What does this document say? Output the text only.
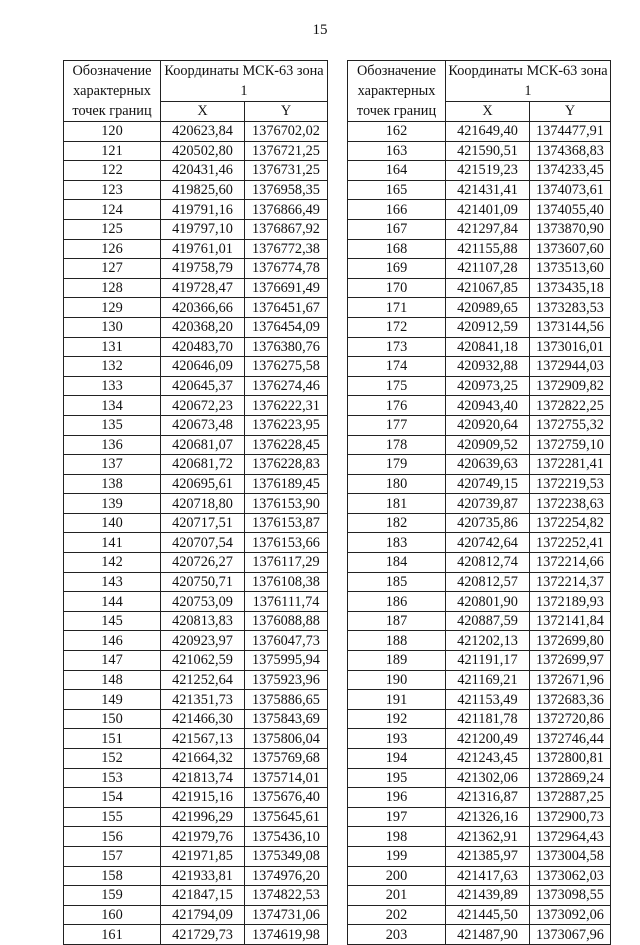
15
Обозначение характерных точек границ	Координаты МСК-63 зона 1	
	X	Y
120	420623,84	1376702,02
121	420502,80	1376721,25
122	420431,46	1376731,25
123	419825,60	1376958,35
124	419791,16	1376866,49
125	419797,10	1376867,92
126	419761,01	1376772,38
127	419758,79	1376774,78
128	419728,47	1376691,49
129	420366,66	1376451,67
130	420368,20	1376454,09
131	420483,70	1376380,76
132	420646,09	1376275,58
133	420645,37	1376274,46
134	420672,23	1376222,31
135	420673,48	1376223,95
136	420681,07	1376228,45
137	420681,72	1376228,83
138	420695,61	1376189,45
139	420718,80	1376153,90
140	420717,51	1376153,87
141	420707,54	1376153,66
142	420726,27	1376117,29
143	420750,71	1376108,38
144	420753,09	1376111,74
145	420813,83	1376088,88
146	420923,97	1376047,73
147	421062,59	1375995,94
148	421252,64	1375923,96
149	421351,73	1375886,65
150	421466,30	1375843,69
151	421567,13	1375806,04
152	421664,32	1375769,68
153	421813,74	1375714,01
154	421915,16	1375676,40
155	421996,29	1375645,61
156	421979,76	1375436,10
157	421971,85	1375349,08
158	421933,81	1374976,20
159	421847,15	1374822,53
160	421794,09	1374731,06
161	421729,73	1374619,98
Обозначение характерных точек границ	Координаты МСК-63 зона 1	
	X	Y
162	421649,40	1374477,91
163	421590,51	1374368,83
164	421519,23	1374233,45
165	421431,41	1374073,61
166	421401,09	1374055,40
167	421297,84	1373870,90
168	421155,88	1373607,60
169	421107,28	1373513,60
170	421067,85	1373435,18
171	420989,65	1373283,53
172	420912,59	1373144,56
173	420841,18	1373016,01
174	420932,88	1372944,03
175	420973,25	1372909,82
176	420943,40	1372822,25
177	420920,64	1372755,32
178	420909,52	1372759,10
179	420639,63	1372281,41
180	420749,15	1372219,53
181	420739,87	1372238,63
182	420735,86	1372254,82
183	420742,64	1372252,41
184	420812,74	1372214,66
185	420812,57	1372214,37
186	420801,90	1372189,93
187	420887,59	1372141,84
188	421202,13	1372699,80
189	421191,17	1372699,97
190	421169,21	1372671,96
191	421153,49	1372683,36
192	421181,78	1372720,86
193	421200,49	1372746,44
194	421243,45	1372800,81
195	421302,06	1372869,24
196	421316,87	1372887,25
197	421326,16	1372900,73
198	421362,91	1372964,43
199	421385,97	1373004,58
200	421417,63	1373062,03
201	421439,89	1373098,55
202	421445,50	1373092,06
203	421487,90	1373067,96
